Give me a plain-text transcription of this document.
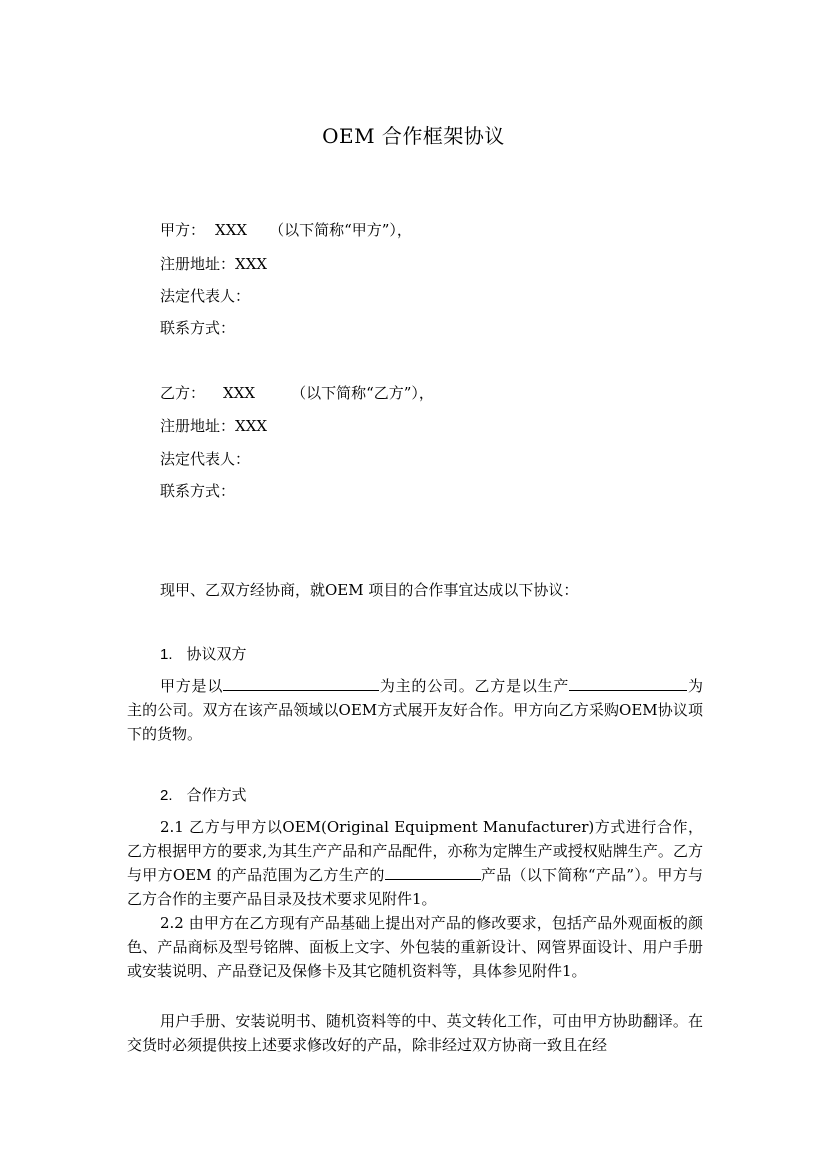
OEM 合作框架协议
甲方： XXX （以下简称“甲方”），
注册地址：XXX
法定代表人：
联系方式：
乙方： XXX （以下简称“乙方”），
注册地址：XXX
法定代表人：
联系方式：
现甲、乙双方经协商，就OEM 项目的合作事宜达成以下协议：
1. 协议双方
甲方是以	为主的公司。乙方是以生产	为主的公司。双方在该产品领域以OEM方式展开友好合作。甲方向乙方采购OEM协议项下的货物。
2. 合作方式
2.1 乙方与甲方以OEM(Original Equipment Manufacturer)方式进行合作，乙方根据甲方的要求,为其生产产品和产品配件，亦称为定牌生产或授权贴牌生产。乙方与甲方OEM 的产品范围为乙方生产的	产品（以下简称“产品”）。甲方与乙方合作的主要产品目录及技术要求见附件1。
2.2 由甲方在乙方现有产品基础上提出对产品的修改要求，包括产品外观面板的颜色、产品商标及型号铭牌、面板上文字、外包装的重新设计、网管界面设计、用户手册或安装说明、产品登记及保修卡及其它随机资料等，具体参见附件1。
用户手册、安装说明书、随机资料等的中、英文转化工作，可由甲方协助翻译。在交货时必须提供按上述要求修改好的产品，除非经过双方协商一致且在经
